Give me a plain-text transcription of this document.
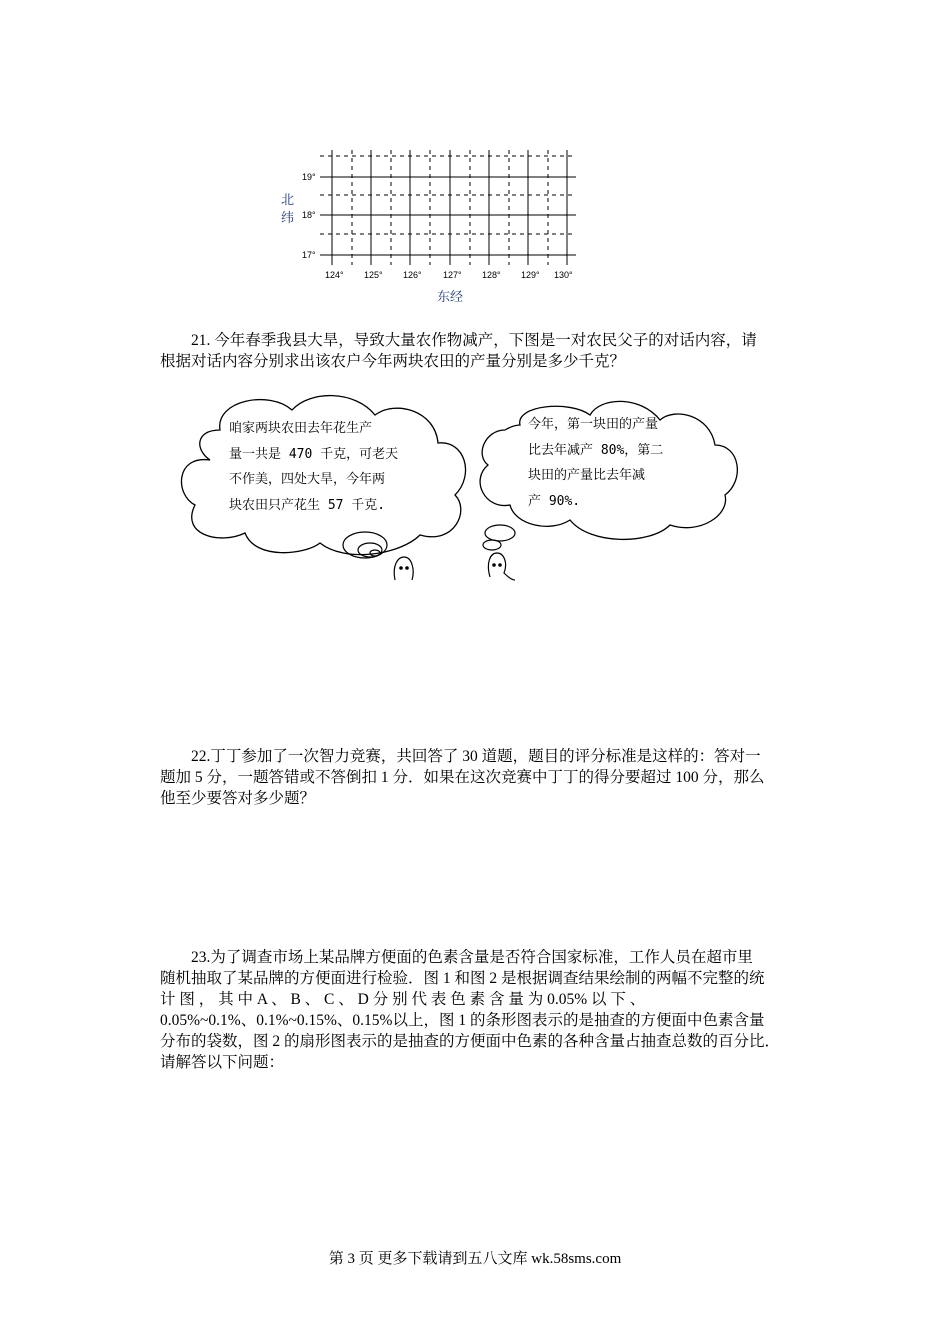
19°
18°
17°
124° 125° 126° 127° 128° 129° 130°
北
纬
东经

21. 今年春季我县大旱，导致大量农作物减产，下图是一对农民父子的对话内容，请

根据对话内容分别求出该农户今年两块农田的产量分别是多少千克？

咱家两块农田去年花生产
量一共是 470 千克，可老天
不作美，四处大旱，今年两
块农田只产花生 57 千克.
今年，第一块田的产量
比去年减产 80%，第二
块田的产量比去年减
产 90%.

22.丁丁参加了一次智力竞赛，共回答了 30 道题，题目的评分标准是这样的：答对一

题加 5 分，一题答错或不答倒扣 1 分．如果在这次竞赛中丁丁的得分要超过 100 分，那么

他至少要答对多少题？

23.为了调查市场上某品牌方便面的色素含量是否符合国家标准，工作人员在超市里

随机抽取了某品牌的方便面进行检验．图 1 和图 2 是根据调查结果绘制的两幅不完整的统

计 图 ， 其 中 A 、 B 、 C 、 D 分 别 代 表 色 素 含 量 为 0.05% 以 下 、

0.05%~0.1%、0.1%~0.15%、0.15%以上，图 1 的条形图表示的是抽查的方便面中色素含量

分布的袋数，图 2 的扇形图表示的是抽查的方便面中色素的各种含量占抽查总数的百分比．

请解答以下问题：

第 3 页 更多下载请到五八文库 wk.58sms.com
